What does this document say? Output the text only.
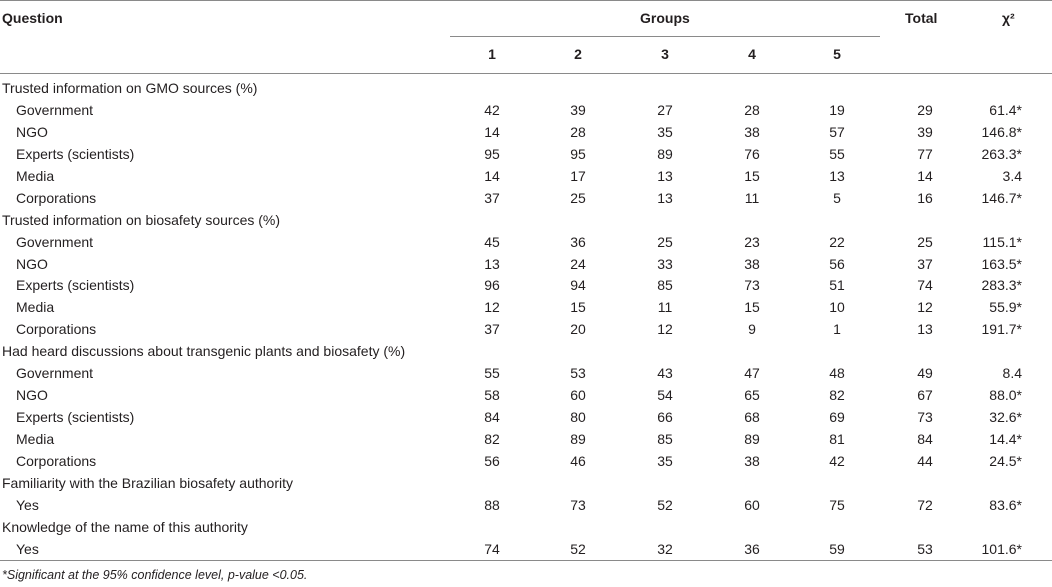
Question	Groups	Total	χ²
1	2	3	4	5
Trusted information on GMO sources (%)
Government	42	39	27	28	19	29	61.4*
NGO	14	28	35	38	57	39	146.8*
Experts (scientists)	95	95	89	76	55	77	263.3*
Media	14	17	13	15	13	14	3.4
Corporations	37	25	13	11	5	16	146.7*
Trusted information on biosafety sources (%)
Government	45	36	25	23	22	25	115.1*
NGO	13	24	33	38	56	37	163.5*
Experts (scientists)	96	94	85	73	51	74	283.3*
Media	12	15	11	15	10	12	55.9*
Corporations	37	20	12	9	1	13	191.7*
Had heard discussions about transgenic plants and biosafety (%)
Government	55	53	43	47	48	49	8.4
NGO	58	60	54	65	82	67	88.0*
Experts (scientists)	84	80	66	68	69	73	32.6*
Media	82	89	85	89	81	84	14.4*
Corporations	56	46	35	38	42	44	24.5*
Familiarity with the Brazilian biosafety authority
Yes	88	73	52	60	75	72	83.6*
Knowledge of the name of this authority
Yes	74	52	32	36	59	53	101.6*
*Significant at the 95% confidence level, p-value <0.05.
